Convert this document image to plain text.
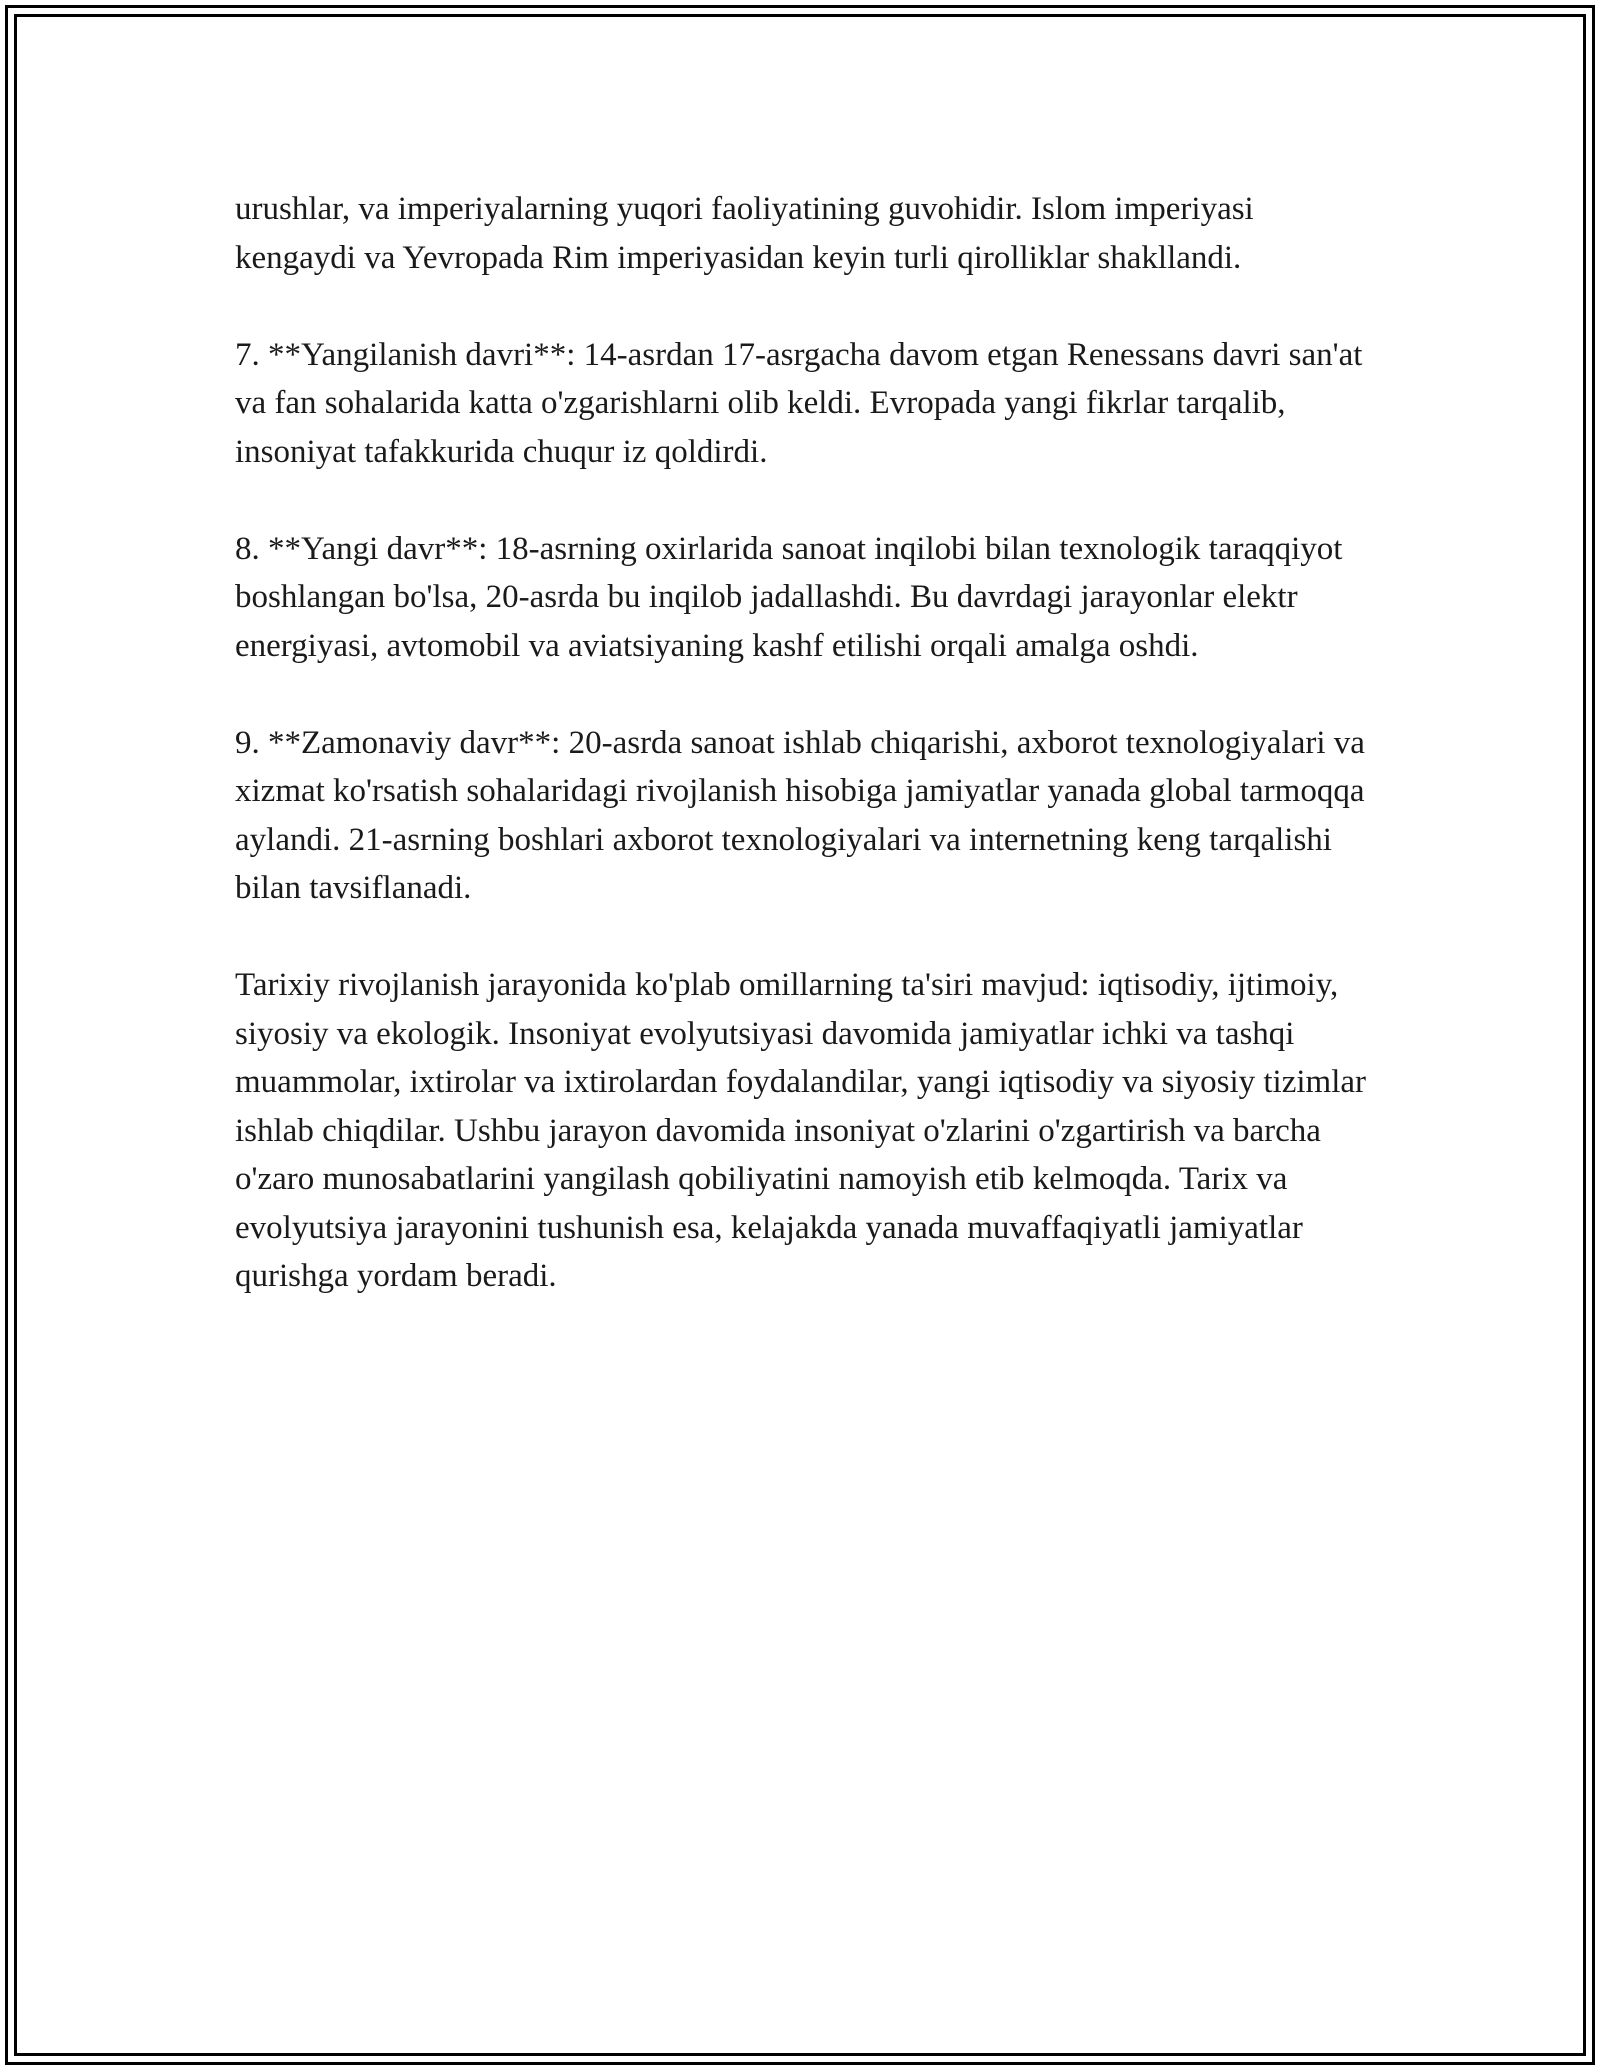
urushlar, va imperiyalarning yuqori faoliyatining guvohidir. Islom imperiyasi kengaydi va Yevropada Rim imperiyasidan keyin turli qirolliklar shakllandi.

7. **Yangilanish davri**: 14-asrdan 17-asrgacha davom etgan Renessans davri san'at va fan sohalarida katta o'zgarishlarni olib keldi. Evropada yangi fikrlar tarqalib, insoniyat tafakkurida chuqur iz qoldirdi.

8. **Yangi davr**: 18-asrning oxirlarida sanoat inqilobi bilan texnologik taraqqiyot boshlangan bo'lsa, 20-asrda bu inqilob jadallashdi. Bu davrdagi jarayonlar elektr energiyasi, avtomobil va aviatsiyaning kashf etilishi orqali amalga oshdi.

9. **Zamonaviy davr**: 20-asrda sanoat ishlab chiqarishi, axborot texnologiyalari va xizmat ko'rsatish sohalaridagi rivojlanish hisobiga jamiyatlar yanada global tarmoqqa aylandi. 21-asrning boshlari axborot texnologiyalari va internetning keng tarqalishi bilan tavsiflanadi.

Tarixiy rivojlanish jarayonida ko'plab omillarning ta'siri mavjud: iqtisodiy, ijtimoiy, siyosiy va ekologik. Insoniyat evolyutsiyasi davomida jamiyatlar ichki va tashqi muammolar, ixtirolar va ixtirolardan foydalandilar, yangi iqtisodiy va siyosiy tizimlar ishlab chiqdilar. Ushbu jarayon davomida insoniyat o'zlarini o'zgartirish va barcha o'zaro munosabatlarini yangilash qobiliyatini namoyish etib kelmoqda. Tarix va evolyutsiya jarayonini tushunish esa, kelajakda yanada muvaffaqiyatli jamiyatlar qurishga yordam beradi.
